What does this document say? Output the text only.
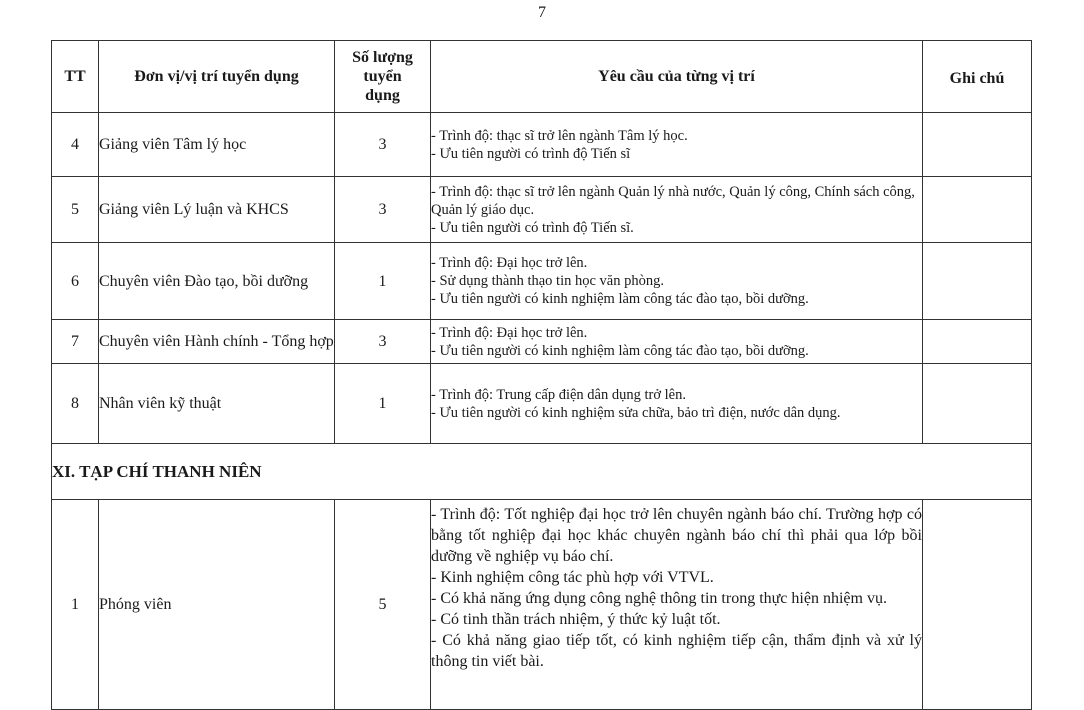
7
TT	Đơn vị/vị trí tuyển dụng	Số lượng
tuyển
dụng	Yêu cầu của từng vị trí	Ghi chú
4	Giảng viên Tâm lý học	3	- Trình độ: thạc sĩ trở lên ngành Tâm lý học.
- Ưu tiên người có trình độ Tiến sĩ	

5	Giảng viên Lý luận và KHCS	3	- Trình độ: thạc sĩ trở lên ngành Quản lý nhà nước, Quản lý công, Chính sách công, Quản lý giáo dục.
- Ưu tiên người có trình độ Tiến sĩ.	

6	Chuyên viên Đào tạo, bồi dưỡng	1	- Trình độ: Đại học trở lên.
- Sử dụng thành thạo tin học văn phòng.
- Ưu tiên người có kinh nghiệm làm công tác đào tạo, bồi dưỡng.	

7	Chuyên viên Hành chính - Tổng hợp	3	- Trình độ: Đại học trở lên.
- Ưu tiên người có kinh nghiệm làm công tác đào tạo, bồi dưỡng.	

8	Nhân viên kỹ thuật	1	- Trình độ: Trung cấp điện dân dụng trở lên.
- Ưu tiên người có kinh nghiệm sửa chữa, bảo trì điện, nước dân dụng.	

XI. TẠP CHÍ THANH NIÊN				
1	Phóng viên	5	- Trình độ: Tốt nghiệp đại học trở lên chuyên ngành báo chí. Trường hợp có bằng tốt nghiệp đại học khác chuyên ngành báo chí thì phải qua lớp bồi dưỡng về nghiệp vụ báo chí.
- Kinh nghiệm công tác phù hợp với VTVL.
- Có khả năng ứng dụng công nghệ thông tin trong thực hiện nhiệm vụ.
- Có tinh thần trách nhiệm, ý thức kỷ luật tốt.
- Có khả năng giao tiếp tốt, có kinh nghiệm tiếp cận, thẩm định và xử lý thông tin viết bài.	
